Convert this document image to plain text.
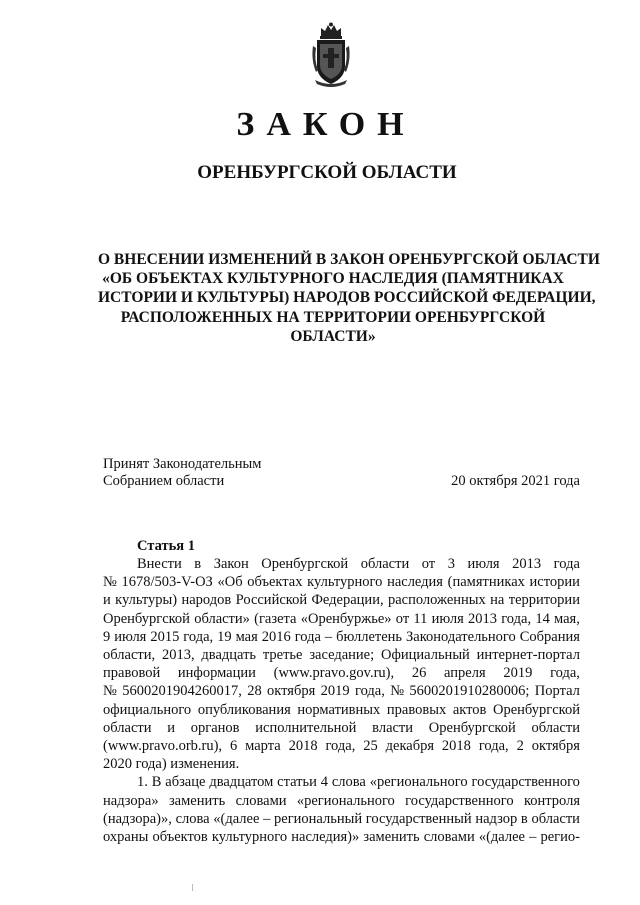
ЗАКОН
ОРЕНБУРГСКОЙ ОБЛАСТИ
О ВНЕСЕНИИ ИЗМЕНЕНИЙ В ЗАКОН ОРЕНБУРГСКОЙ ОБЛАСТИ
«ОБ ОБЪЕКТАХ КУЛЬТУРНОГО НАСЛЕДИЯ (ПАМЯТНИКАХ
ИСТОРИИ И КУЛЬТУРЫ) НАРОДОВ РОССИЙСКОЙ ФЕДЕРАЦИИ,
РАСПОЛОЖЕННЫХ НА ТЕРРИТОРИИ ОРЕНБУРГСКОЙ
ОБЛАСТИ»
Принят Законодательным
Собранием области	20 октября 2021 года
Статья 1
Внести в Закон Оренбургской области от 3 июля 2013 года
№ 1678/503-V-ОЗ «Об объектах культурного наследия (памятниках истории
и культуры) народов Российской Федерации, расположенных на территории
Оренбургской области» (газета «Оренбуржье» от 11 июля 2013 года, 14 мая,
9 июля 2015 года, 19 мая 2016 года – бюллетень Законодательного Собрания
области, 2013, двадцать третье заседание; Официальный интернет-портал
правовой информации (www.pravo.gov.ru), 26 апреля 2019 года,
№ 5600201904260017, 28 октября 2019 года, № 5600201910280006; Портал
официального опубликования нормативных правовых актов Оренбургской
области и органов исполнительной власти Оренбургской области
(www.pravo.orb.ru), 6 марта 2018 года, 25 декабря 2018 года, 2 октября
2020 года) изменения.
1. В абзаце двадцатом статьи 4 слова «регионального государственного
надзора» заменить словами «регионального государственного контроля
(надзора)», слова «(далее – региональный государственный надзор в области
охраны объектов культурного наследия)» заменить словами «(далее – регио-
